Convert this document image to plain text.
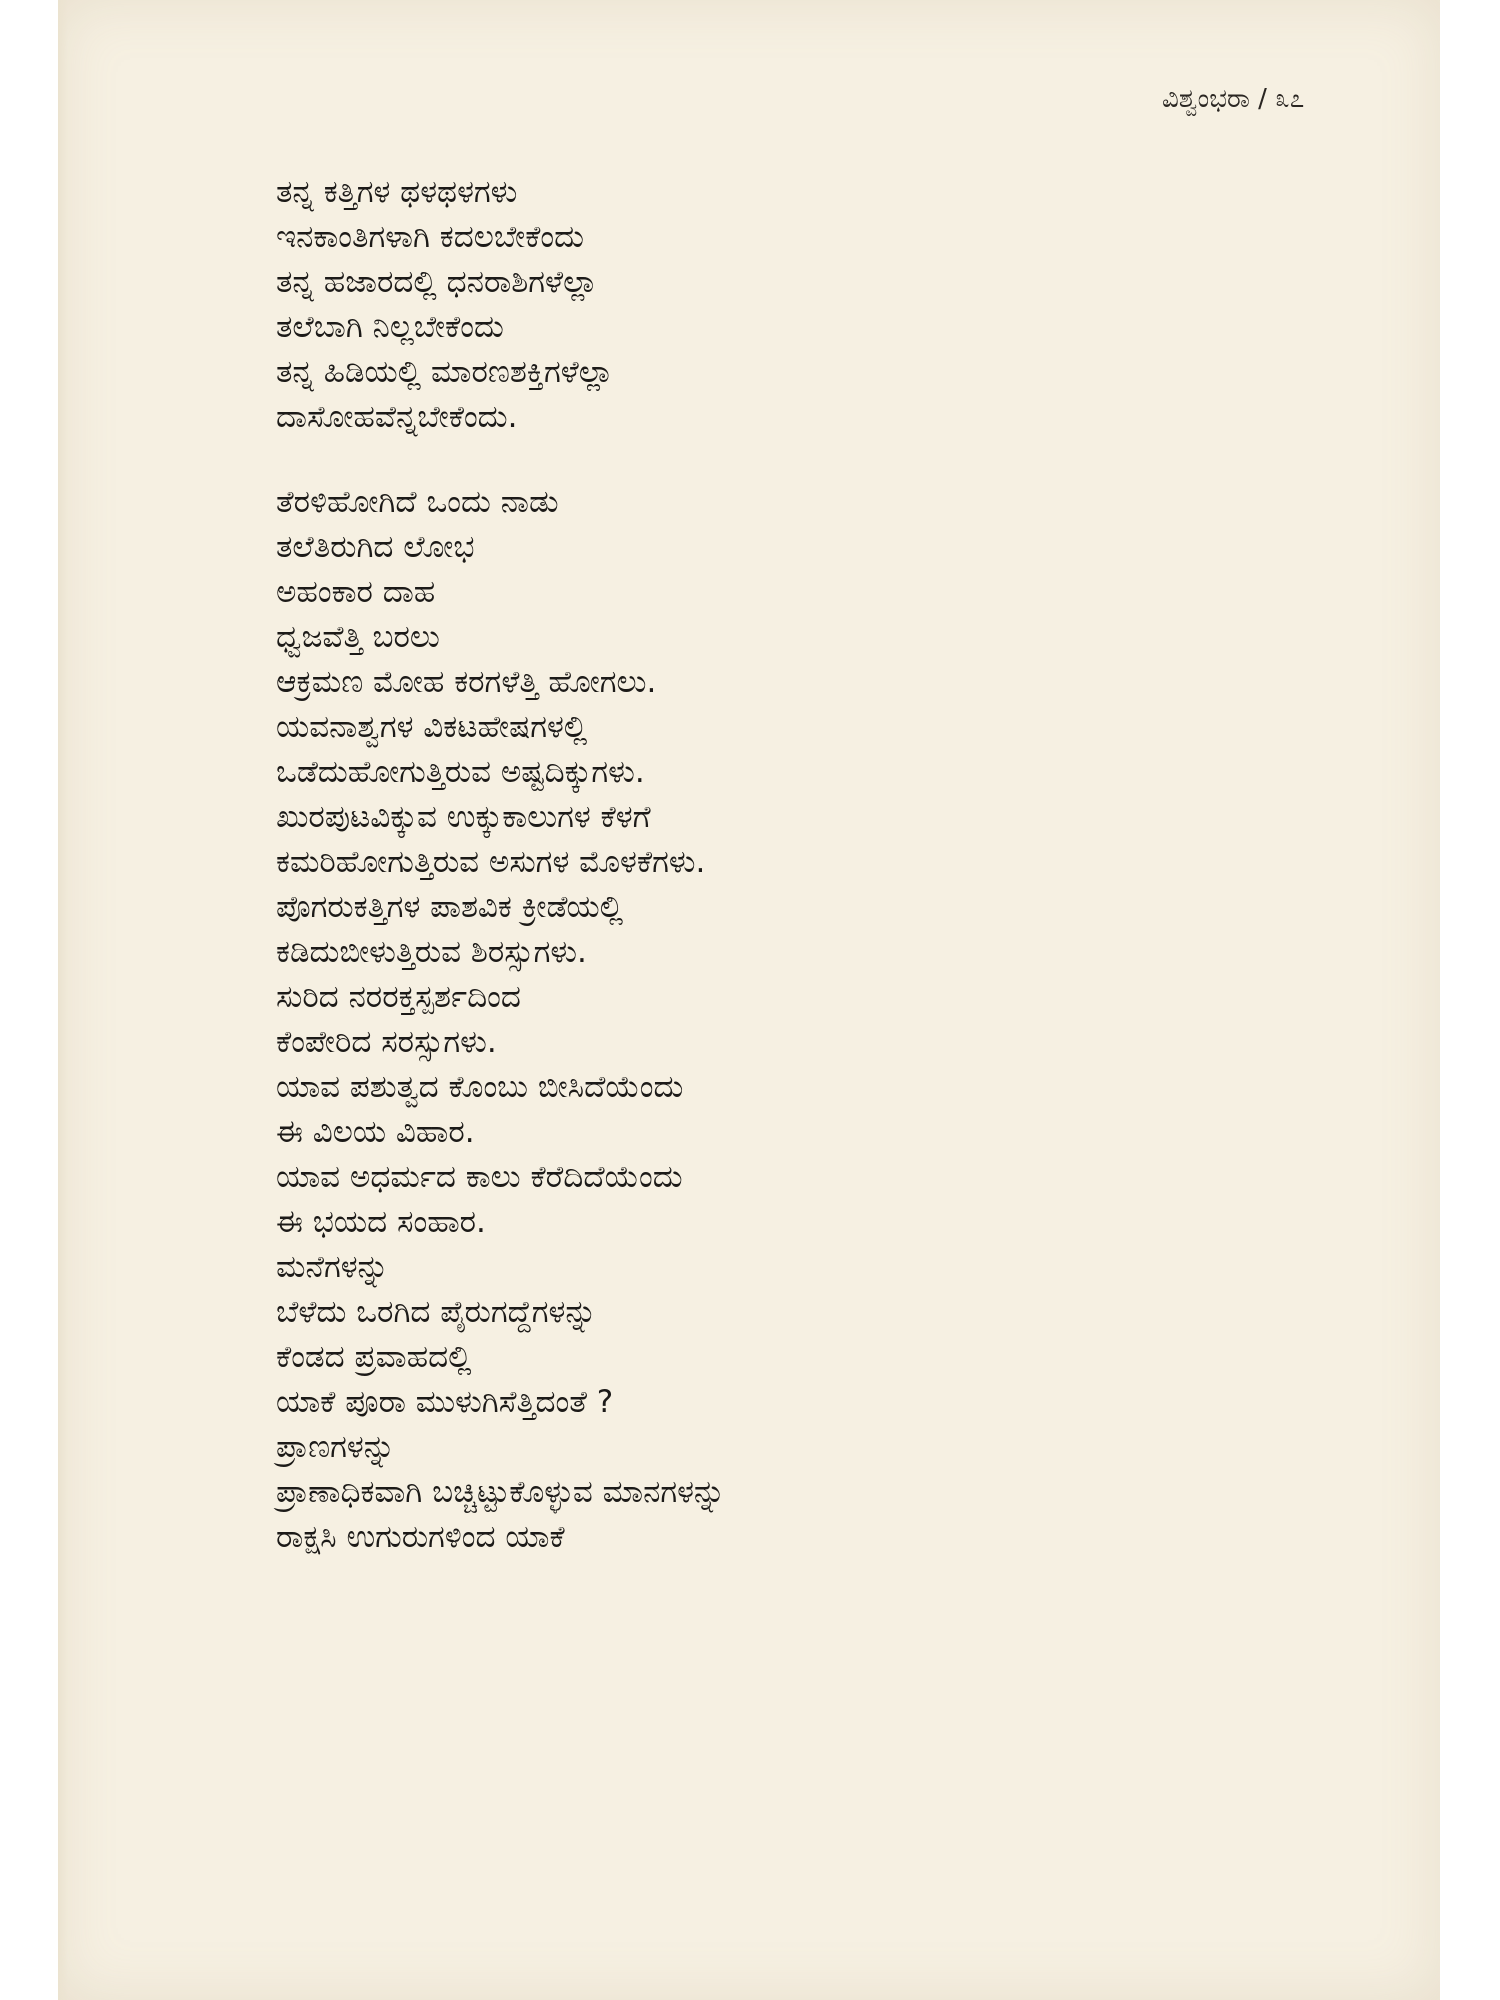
ವಿಶ್ವಂಭರಾ / ೩೭
ತನ್ನ ಕತ್ತಿಗಳ ಥಳಥಳಗಳು
ಇನಕಾಂತಿಗಳಾಗಿ ಕದಲಬೇಕೆಂದು
ತನ್ನ ಹಜಾರದಲ್ಲಿ ಧನರಾಶಿಗಳೆಲ್ಲಾ
ತಲೆಬಾಗಿ ನಿಲ್ಲಬೇಕೆಂದು
ತನ್ನ ಹಿಡಿಯಲ್ಲಿ ಮಾರಣಶಕ್ತಿಗಳೆಲ್ಲಾ
ದಾಸೋಹವೆನ್ನಬೇಕೆಂದು.
ತೆರಳಿಹೋಗಿದೆ ಒಂದು ನಾಡು
ತಲೆತಿರುಗಿದ ಲೋಭ
ಅಹಂಕಾರ ದಾಹ
ಧ್ವಜವೆತ್ತಿ ಬರಲು
ಆಕ್ರಮಣ ಮೋಹ ಕರಗಳೆತ್ತಿ ಹೋಗಲು.
ಯವನಾಶ್ವಗಳ ವಿಕಟಹೇಷಗಳಲ್ಲಿ
ಒಡೆದುಹೋಗುತ್ತಿರುವ ಅಷ್ಟದಿಕ್ಕುಗಳು.
ಖುರಪುಟವಿಕ್ಕುವ ಉಕ್ಕುಕಾಲುಗಳ ಕೆಳಗೆ
ಕಮರಿಹೋಗುತ್ತಿರುವ ಅಸುಗಳ ಮೊಳಕೆಗಳು.
ಪೊಗರುಕತ್ತಿಗಳ ಪಾಶವಿಕ ಕ್ರೀಡೆಯಲ್ಲಿ
ಕಡಿದುಬೀಳುತ್ತಿರುವ ಶಿರಸ್ಸುಗಳು.
ಸುರಿದ ನರರಕ್ತಸ್ಪರ್ಶದಿಂದ
ಕೆಂಪೇರಿದ ಸರಸ್ಸುಗಳು.
ಯಾವ ಪಶುತ್ವದ ಕೊಂಬು ಬೀಸಿದೆಯೆಂದು
ಈ ವಿಲಯ ವಿಹಾರ.
ಯಾವ ಅಧರ್ಮದ ಕಾಲು ಕೆರೆದಿದೆಯೆಂದು
ಈ ಭಯದ ಸಂಹಾರ.
ಮನೆಗಳನ್ನು
ಬೆಳೆದು ಒರಗಿದ ಪೈರುಗದ್ದೆಗಳನ್ನು
ಕೆಂಡದ ಪ್ರವಾಹದಲ್ಲಿ
ಯಾಕೆ ಪೂರಾ ಮುಳುಗಿಸೆತ್ತಿದಂತೆ ?
ಪ್ರಾಣಗಳನ್ನು
ಪ್ರಾಣಾಧಿಕವಾಗಿ ಬಚ್ಚಿಟ್ಟುಕೊಳ್ಳುವ ಮಾನಗಳನ್ನು
ರಾಕ್ಷಸಿ ಉಗುರುಗಳಿಂದ ಯಾಕೆ
